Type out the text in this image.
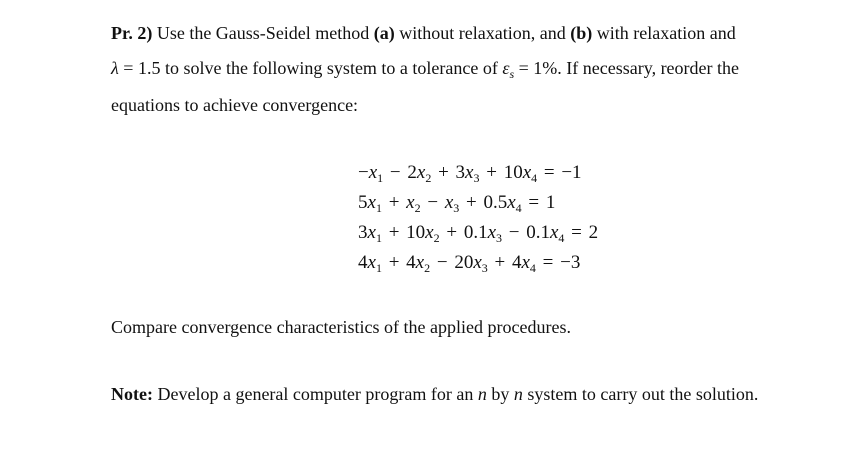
Pr. 2) Use the Gauss-Seidel method (a) without relaxation, and (b) with relaxation and
λ = 1.5 to solve the following system to a tolerance of $\varepsilon_s = 1\%$. If necessary, reorder the
equations to achieve convergence:
$-x_1 - 2x_2 + 3x_3 + 10x_4 = -1$
$5x_1 + x_2 - x_3 + 0.5x_4 = 1$
$3x_1 + 10x_2 + 0.1x_3 - 0.1x_4 = 2$
$4x_1 + 4x_2 - 20x_3 + 4x_4 = -3$
Compare convergence characteristics of the applied procedures.
Note: Develop a general computer program for an n by n system to carry out the solution.
